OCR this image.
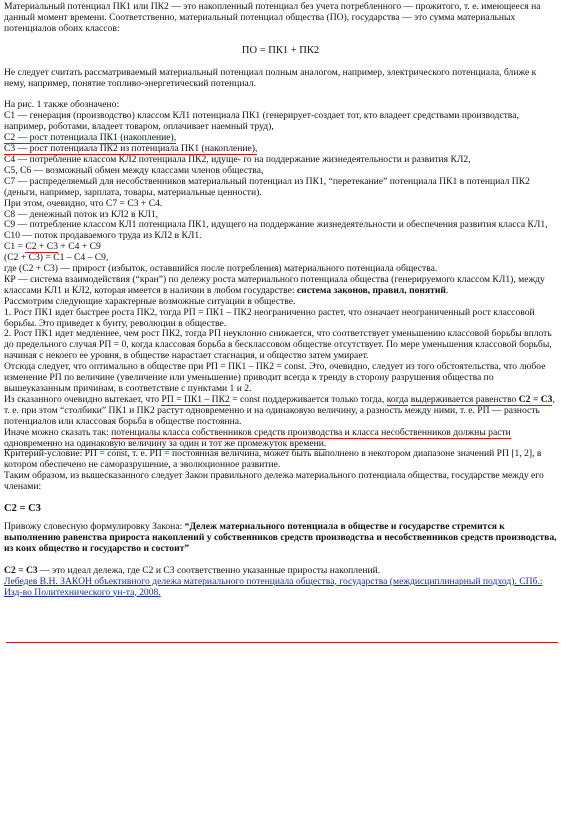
Материальный потенциал ПК1 или ПК2 — это накопленный потенциал без учета потребленного — прожитого, т. е. имеющееся на данный момент времени. Соответственно, материальный потенциал общества (ПО), государства — это сумма материальных потенциалов обоих классов:

ПО = ПК1 + ПК2

Не следует считать рассматриваемый материальный потенциал полным аналогом, например, электрического потенциала, ближе к нему, например, понятие топливо-энергетический потенциал.

На рис. 1 также обозначено:

С1 — генерация (производство) классом КЛ1 потенциала ПК1 (генерирует-создает тот, кто владеет средствами производства, например, роботами, владеет товаром, оплачивает наемный труд),

С2 — рост потенциала ПК1 (накопление),

С3 — рост потенциала ПК2 из потенциала ПК1 (накопление),

С4 — потребление классом КЛ2 потенциала ПК2, идуще- го на поддержание жизнедеятельности и развития КЛ2,

С5, С6 — возможный обмен между классами членов общества,

С7 — распределяемый для несобственников материальный потенциал из ПК1, “перетекание” потенциала ПК1 в потенциал ПК2 (деньги, например, зарплата, товары, материальные ценности).

При этом, очевидно, что С7 = С3 + С4.

С8 — денежный поток из КЛ2 в КЛ1,

С9 — потребление классом КЛ1 потенциала ПК1, идущего на поддержание жизнедеятельности и обеспечения развития класса КЛ1,

С10 — поток продаваемого труда из КЛ2 в КЛ1.

С1 = С2 + С3 + С4 + С9

(С2 + С3) = С1 – С4 – С9,

где (С2 + С3) — прирост (избыток, оставшийся после потребления) материального потенциала общества.

КР — система взаимодействия (“кран”) по дележу роста материального потенциала общества (генерируемого классом КЛ1), между классами КЛ1 и КЛ2, которая имеется в наличии в любом государстве: система законов, правил, понятий.

Рассмотрим следующие характерные возможные ситуации в обществе.

1. Рост ПК1 идет быстрее роста ПК2, тогда РП = ПК1 – ПК2 неограниченно растет, что означает неограниченный рост классовой борьбы. Это приведет к бунту, революции в обществе.

2. Рост ПК1 идет медленнее, чем рост ПК2, тогда РП неуклонно снижается, что соответствует уменьшению классовой борьбы вплоть до предельного случая РП = 0, когда классовая борьба в бесклассовом обществе отсутствует. По мере уменьшения классовой борьбы, начиная с некоего ее уровня, в обществе нарастает стагнация, и общество затем умирает.

Отсюда следует, что оптимально в обществе при РП = ПК1 – ПК2 = const. Это, очевидно, следует из того обстоятельства, что любое изменение РП по величине (увеличение или уменьшение) приводит всегда к тренду в сторону разрушения общества по вышеуказанным причинам, в соответствие с пунктами 1 и 2.

Из сказанного очевидно вытекает, что РП = ПК1 – ПК2 = const поддерживается только тогда, когда выдерживается равенство С2 = С3, т. е. при этом “столбики” ПК1 и ПК2 растут одновременно и на одинаковую величину, а разность между ними, т. е. РП — разность потенциалов или классовая борьба в обществе постоянна.

Иначе можно сказать так: потенциалы класса собственников средств производства и класса несобственников должны расти одновременно на одинаковую величину за один и тот же промежуток времени.

Критерий-условие: РП = const, т. е. РП = постоянная величина, может быть выполнено в некотором диапазоне значений РП [1, 2], в котором обеспечено не саморазрушение, а эволюционное развитие.

Таким образом, из вышесказанного следует Закон правильного дележа материального потенциала общества, государстве между его членами:

С2 = С3

Привожу словесную формулировку Закона: “Дележ материального потенциала в обществе и государстве стремится к выполнению равенства прироста накоплений у собственников средств производства и несобственников средств производства, из коих общество и государство и состоит”

С2 = С3 — это идеал дележа, где С2 и С3 соответственно указанные приросты накоплений.

Лебедев В.Н. ЗАКОН объективного дележа материального потенциала общества, государства (междисциплинарный подход). СПб.: Изд-во Политехнического ун-та, 2008.
